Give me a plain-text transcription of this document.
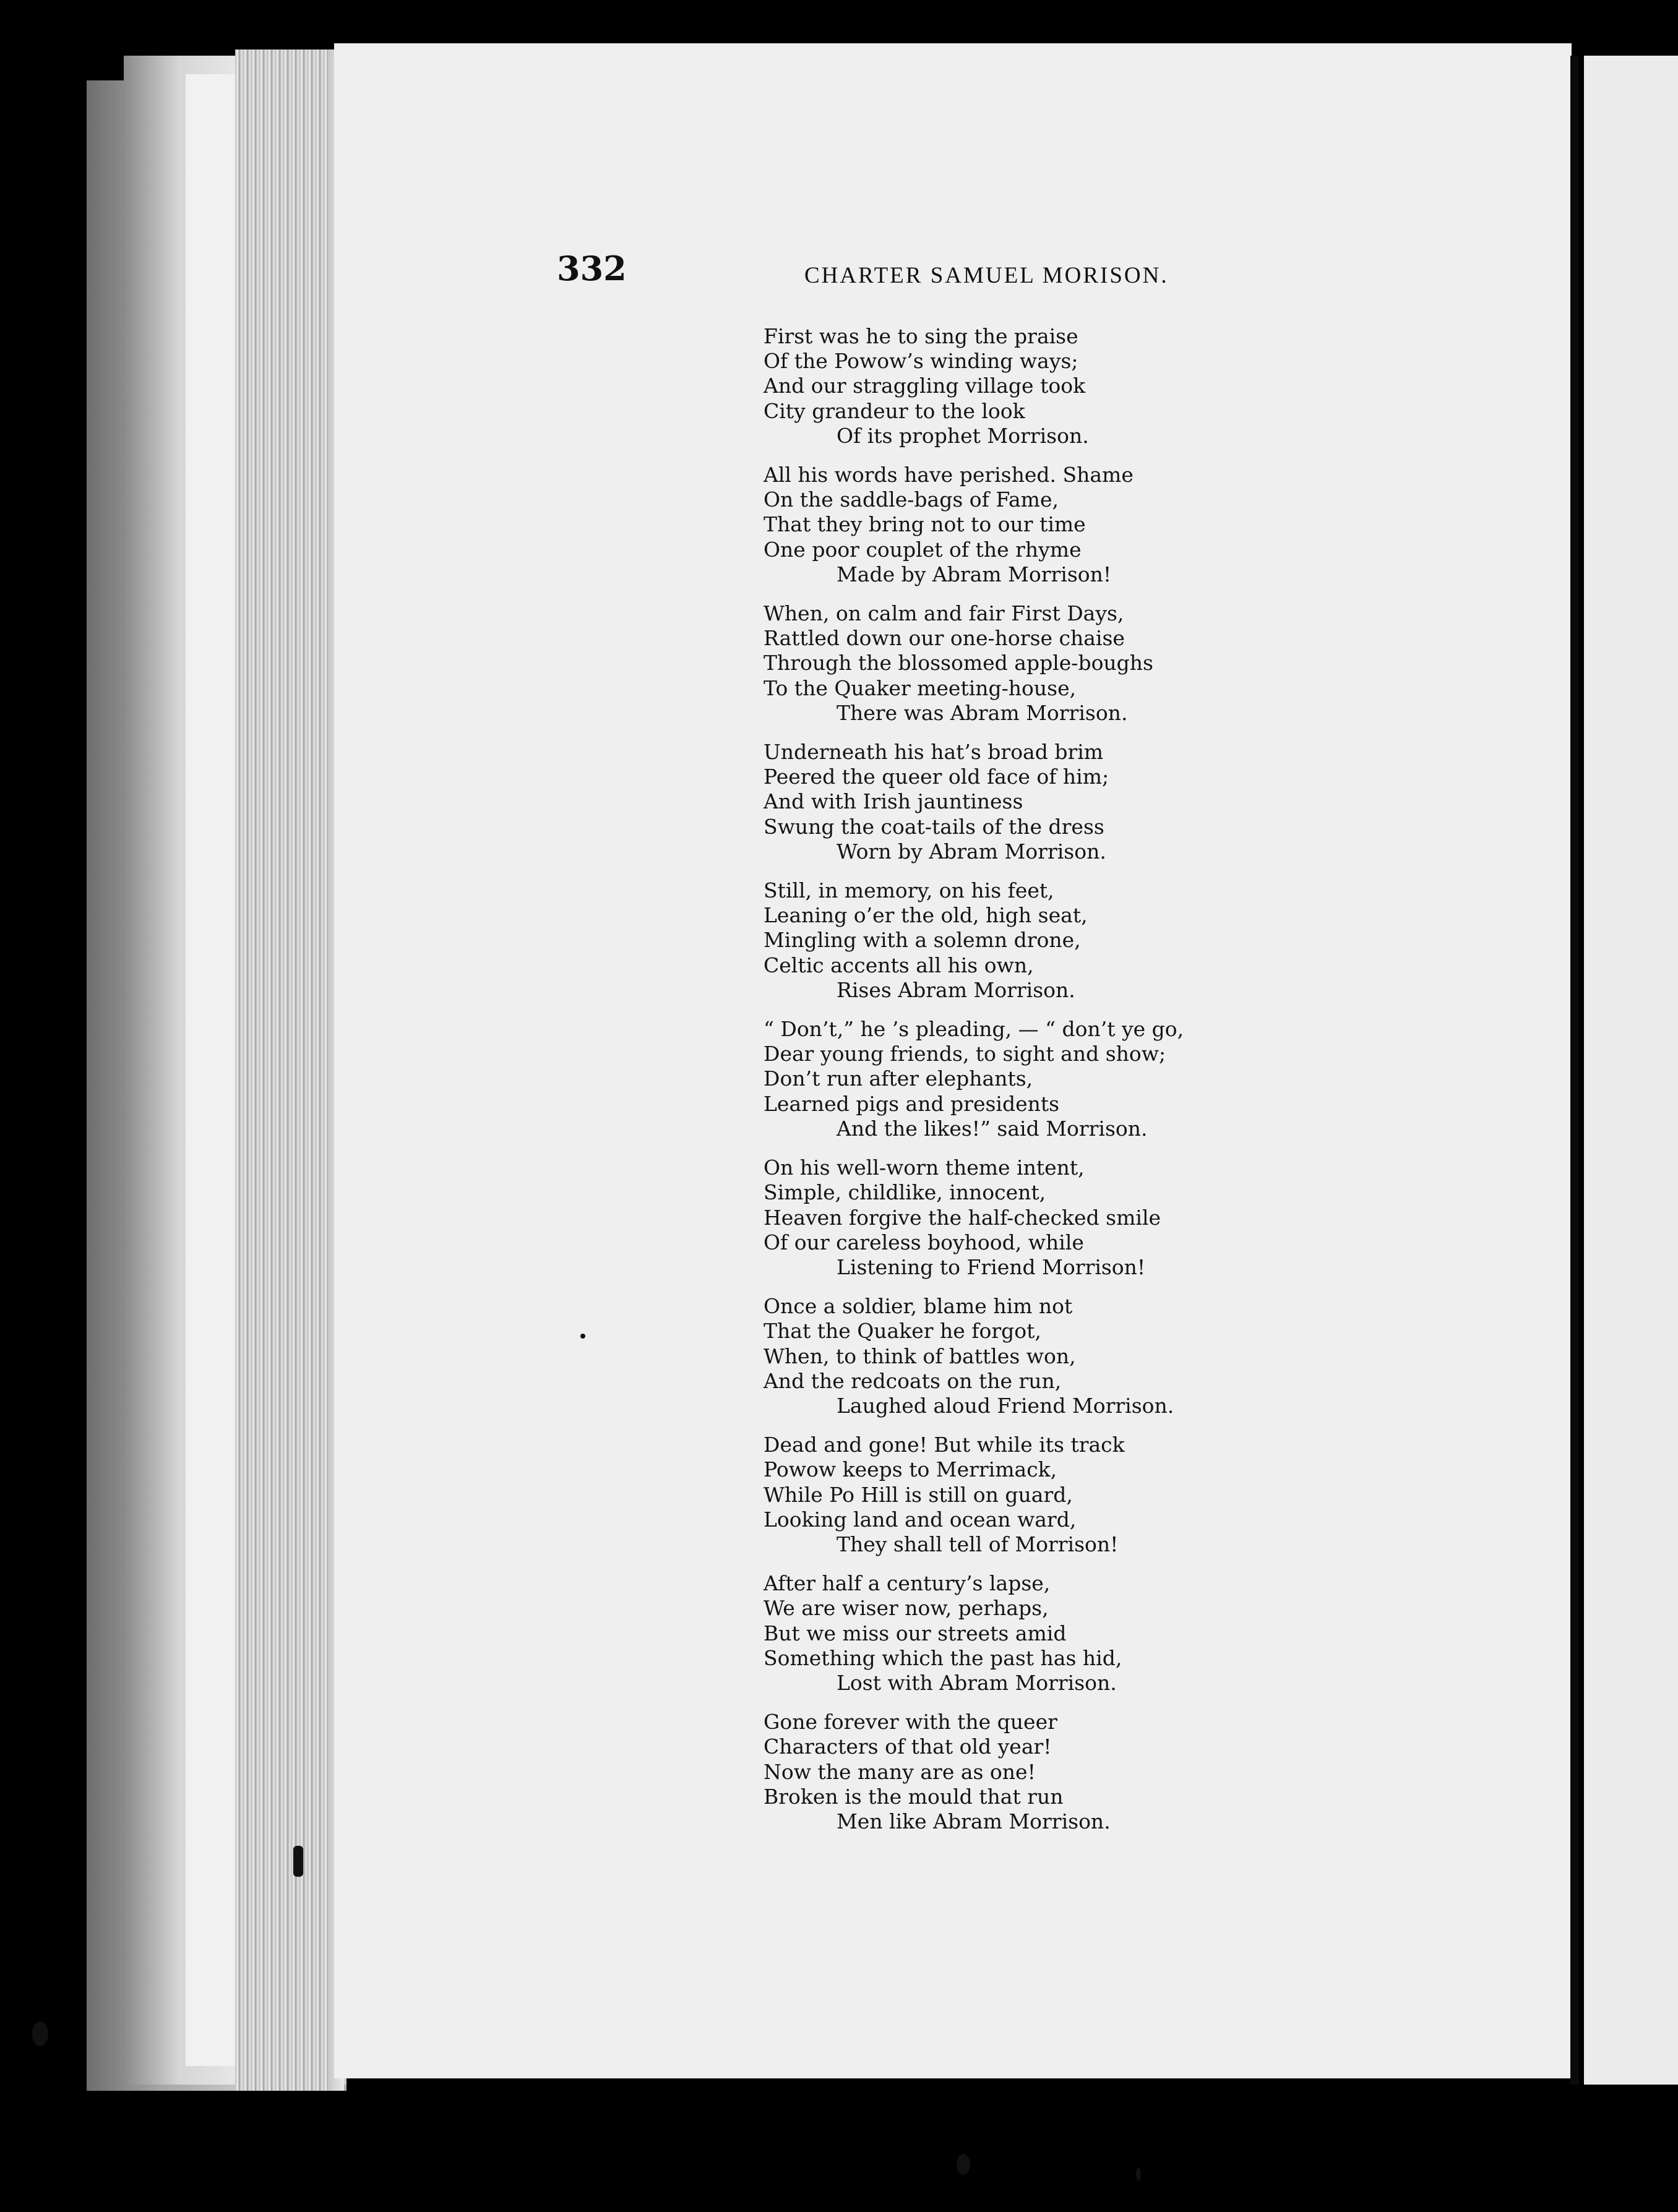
332	CHARTER SAMUEL MORISON.

First was he to sing the praise
Of the Powow’s winding ways;
And our straggling village took
City grandeur to the look
Of its prophet Morrison.
All his words have perished. Shame
On the saddle-bags of Fame,
That they bring not to our time
One poor couplet of the rhyme
Made by Abram Morrison!
When, on calm and fair First Days,
Rattled down our one-horse chaise
Through the blossomed apple-boughs
To the Quaker meeting-house,
There was Abram Morrison.
Underneath his hat’s broad brim
Peered the queer old face of him;
And with Irish jauntiness
Swung the coat-tails of the dress
Worn by Abram Morrison.
Still, in memory, on his feet,
Leaning o’er the old, high seat,
Mingling with a solemn drone,
Celtic accents all his own,
Rises Abram Morrison.
“ Don’t,” he ’s pleading, — “ don’t ye go,
Dear young friends, to sight and show;
Don’t run after elephants,
Learned pigs and presidents
And the likes!” said Morrison.
On his well-worn theme intent,
Simple, childlike, innocent,
Heaven forgive the half-checked smile
Of our careless boyhood, while
Listening to Friend Morrison!
Once a soldier, blame him not
That the Quaker he forgot,
When, to think of battles won,
And the redcoats on the run,
Laughed aloud Friend Morrison.
Dead and gone! But while its track
Powow keeps to Merrimack,
While Po Hill is still on guard,
Looking land and ocean ward,
They shall tell of Morrison!
After half a century’s lapse,
We are wiser now, perhaps,
But we miss our streets amid
Something which the past has hid,
Lost with Abram Morrison.
Gone forever with the queer
Characters of that old year!
Now the many are as one!
Broken is the mould that run
Men like Abram Morrison.
